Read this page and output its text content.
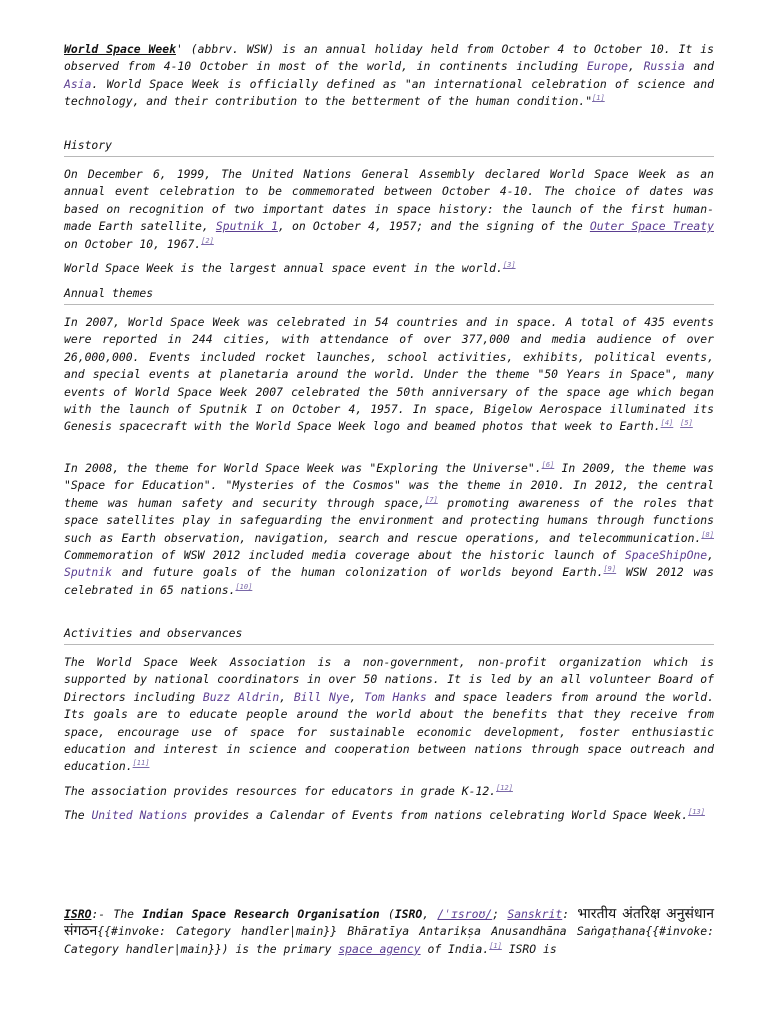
World Space Week' (abbrv. WSW) is an annual holiday held from October 4 to October 10. It is observed from 4-10 October in most of the world, in continents including Europe, Russia and Asia. World Space Week is officially defined as "an international celebration of science and technology, and their contribution to the betterment of the human condition."[1]

History

On December 6, 1999, The United Nations General Assembly declared World Space Week as an annual event celebration to be commemorated between October 4-10. The choice of dates was based on recognition of two important dates in space history: the launch of the first human-made Earth satellite, Sputnik 1, on October 4, 1957; and the signing of the Outer Space Treaty on October 10, 1967.[2]

World Space Week is the largest annual space event in the world.[3]

Annual themes

In 2007, World Space Week was celebrated in 54 countries and in space. A total of 435 events were reported in 244 cities, with attendance of over 377,000 and media audience of over 26,000,000. Events included rocket launches, school activities, exhibits, political events, and special events at planetaria around the world. Under the theme "50 Years in Space", many events of World Space Week 2007 celebrated the 50th anniversary of the space age which began with the launch of Sputnik I on October 4, 1957. In space, Bigelow Aerospace illuminated its Genesis spacecraft with the World Space Week logo and beamed photos that week to Earth.[4] [5]

In 2008, the theme for World Space Week was "Exploring the Universe".[6] In 2009, the theme was "Space for Education". "Mysteries of the Cosmos" was the theme in 2010. In 2012, the central theme was human safety and security through space,[7] promoting awareness of the roles that space satellites play in safeguarding the environment and protecting humans through functions such as Earth observation, navigation, search and rescue operations, and telecommunication.[8] Commemoration of WSW 2012 included media coverage about the historic launch of SpaceShipOne, Sputnik and future goals of the human colonization of worlds beyond Earth.[9] WSW 2012 was celebrated in 65 nations.[10]

Activities and observances

The World Space Week Association is a non-government, non-profit organization which is supported by national coordinators in over 50 nations. It is led by an all volunteer Board of Directors including Buzz Aldrin, Bill Nye, Tom Hanks and space leaders from around the world. Its goals are to educate people around the world about the benefits that they receive from space, encourage use of space for sustainable economic development, foster enthusiastic education and interest in science and cooperation between nations through space outreach and education.[11]

The association provides resources for educators in grade K-12.[12]

The United Nations provides a Calendar of Events from nations celebrating World Space Week.[13]

ISRO:- The Indian Space Research Organisation (ISRO, /ˈɪsroʊ/; Sanskrit: भारतीय अंतरिक्ष अनुसंधान संगठन{{#invoke: Category handler|main}} Bhāratīya Antarikṣa Anusandhāna Saṅgaṭhana{{#invoke: Category handler|main}}) is the primary space agency of India.[1] ISRO is
